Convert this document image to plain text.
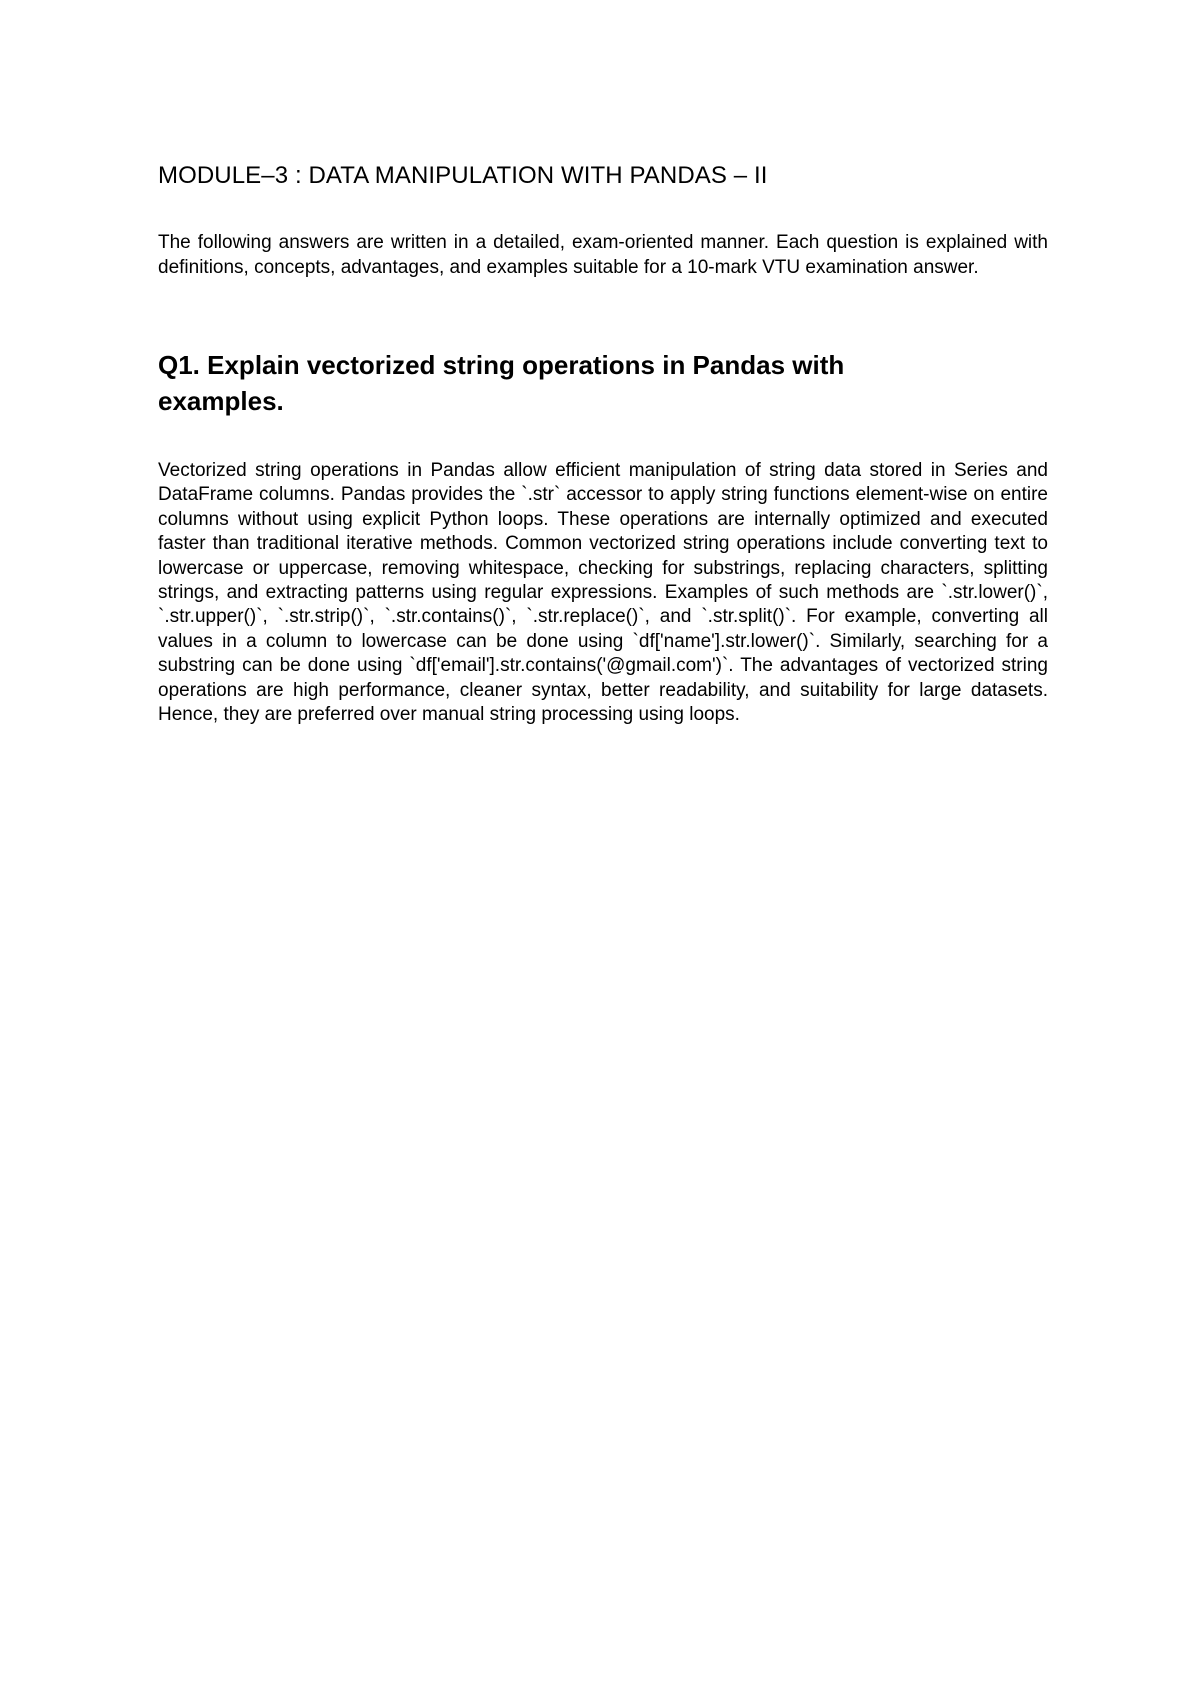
MODULE–3 : DATA MANIPULATION WITH PANDAS – II

The following answers are written in a detailed, exam-oriented manner. Each question is explained with definitions, concepts, advantages, and examples suitable for a 10-mark VTU examination answer.

Q1. Explain vectorized string operations in Pandas with examples.

Vectorized string operations in Pandas allow efficient manipulation of string data stored in Series and DataFrame columns. Pandas provides the `.str` accessor to apply string functions element-wise on entire columns without using explicit Python loops. These operations are internally optimized and executed faster than traditional iterative methods. Common vectorized string operations include converting text to lowercase or uppercase, removing whitespace, checking for substrings, replacing characters, splitting strings, and extracting patterns using regular expressions. Examples of such methods are `.str.lower()`, `.str.upper()`, `.str.strip()`, `.str.contains()`, `.str.replace()`, and `.str.split()`. For example, converting all values in a column to lowercase can be done using `df['name'].str.lower()`. Similarly, searching for a substring can be done using `df['email'].str.contains('@gmail.com')`. The advantages of vectorized string operations are high performance, cleaner syntax, better readability, and suitability for large datasets. Hence, they are preferred over manual string processing using loops.
